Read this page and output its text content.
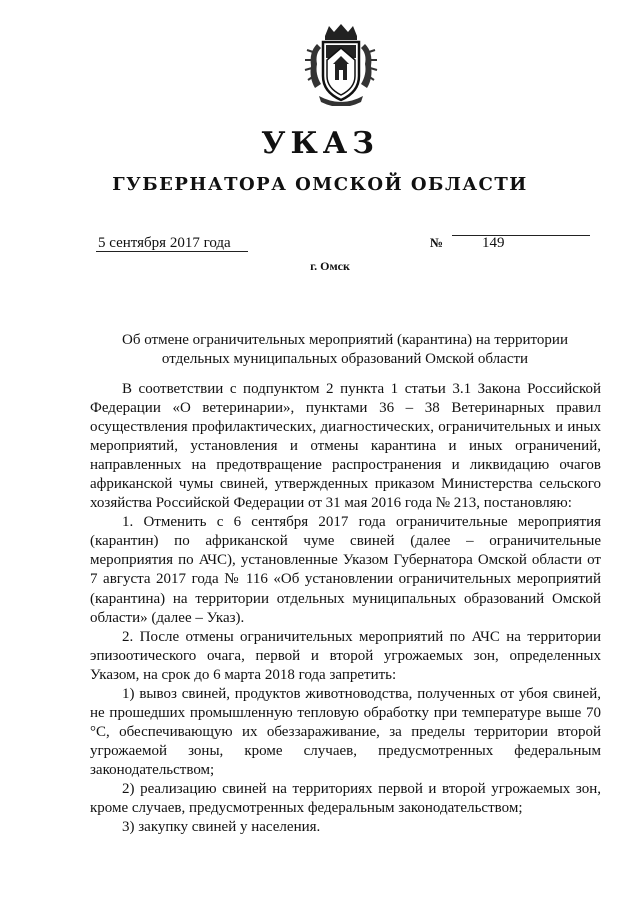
УКАЗ
ГУБЕРНАТОРА ОМСКОЙ ОБЛАСТИ
5 сентября 2017 года	№	149
г. Омск
Об отмене ограничительных мероприятий (карантина) на территории
отдельных муниципальных образований Омской области

В соответствии с подпунктом 2 пункта 1 статьи 3.1 Закона Российской Федерации «О ветеринарии», пунктами 36 – 38 Ветеринарных правил осуществления профилактических, диагностических, ограничительных и иных мероприятий, установления и отмены карантина и иных ограничений, направленных на предотвращение распространения и ликвидацию очагов африканской чумы свиней, утвержденных приказом Министерства сельского хозяйства Российской Федерации от 31 мая 2016 года № 213, постановляю:

1. Отменить с 6 сентября 2017 года ограничительные мероприятия (карантин) по африканской чуме свиней (далее – ограничительные мероприятия по АЧС), установленные Указом Губернатора Омской области от 7 августа 2017 года № 116 «Об установлении ограничительных мероприятий (карантина) на территории отдельных муниципальных образований Омской области» (далее – Указ).

2. После отмены ограничительных мероприятий по АЧС на территории эпизоотического очага, первой и второй угрожаемых зон, определенных Указом, на срок до 6 марта 2018 года запретить:

1) вывоз свиней, продуктов животноводства, полученных от убоя свиней, не прошедших промышленную тепловую обработку при температуре выше 70 °С, обеспечивающую их обеззараживание, за пределы территории второй угрожаемой зоны, кроме случаев, предусмотренных федеральным законодательством;

2) реализацию свиней на территориях первой и второй угрожаемых зон, кроме случаев, предусмотренных федеральным законодательством;

3) закупку свиней у населения.
